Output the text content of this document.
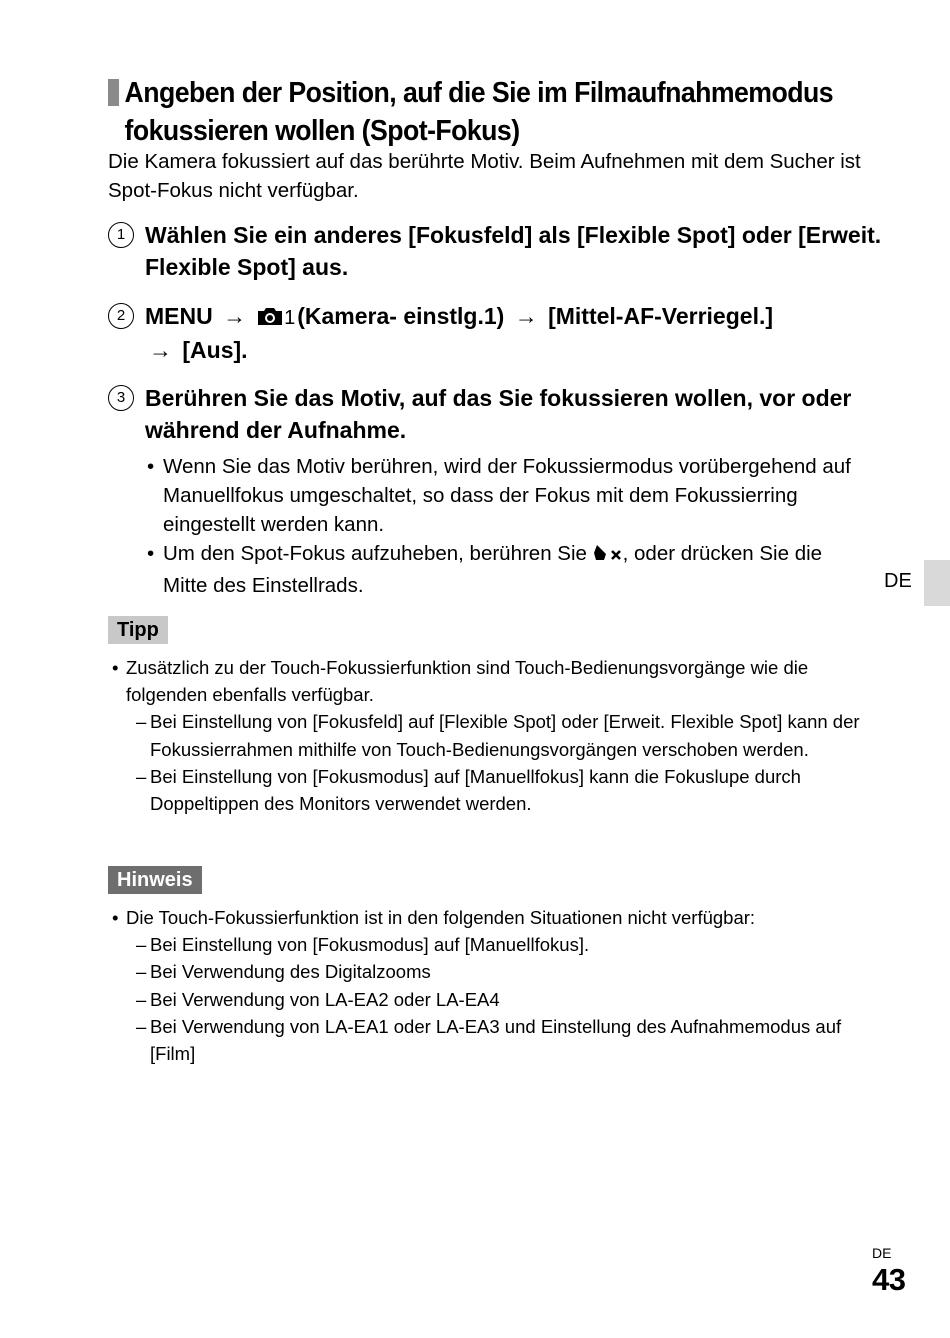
Angeben der Position, auf die Sie im Filmaufnahmemodus
fokussieren wollen (Spot-Fokus)
Die Kamera fokussiert auf das berührte Motiv. Beim Aufnehmen mit dem Sucher ist Spot-Fokus nicht verfügbar.
1 Wählen Sie ein anderes [Fokusfeld] als [Flexible Spot] oder [Erweit. Flexible Spot] aus.
2 MENU → 1(Kamera- einstlg.1) → [Mittel-AF-Verriegel.]
→ [Aus].
3 Berühren Sie das Motiv, auf das Sie fokussieren wollen, vor oder während der Aufnahme.
• Wenn Sie das Motiv berühren, wird der Fokussiermodus vorübergehend auf Manuellfokus umgeschaltet, so dass der Fokus mit dem Fokussierring eingestellt werden kann.
• Um den Spot-Fokus aufzuheben, berühren Sie , oder drücken Sie die Mitte des Einstellrads.	DE
Tipp
• Zusätzlich zu der Touch-Fokussierfunktion sind Touch-Bedienungsvorgänge wie die folgenden ebenfalls verfügbar.
– Bei Einstellung von [Fokusfeld] auf [Flexible Spot] oder [Erweit. Flexible Spot] kann der Fokussierrahmen mithilfe von Touch-Bedienungsvorgängen verschoben werden.
– Bei Einstellung von [Fokusmodus] auf [Manuellfokus] kann die Fokuslupe durch Doppeltippen des Monitors verwendet werden.
Hinweis
• Die Touch-Fokussierfunktion ist in den folgenden Situationen nicht verfügbar:
– Bei Einstellung von [Fokusmodus] auf [Manuellfokus].
– Bei Verwendung des Digitalzooms
– Bei Verwendung von LA-EA2 oder LA-EA4
– Bei Verwendung von LA-EA1 oder LA-EA3 und Einstellung des Aufnahmemodus auf [Film]
DE
43
